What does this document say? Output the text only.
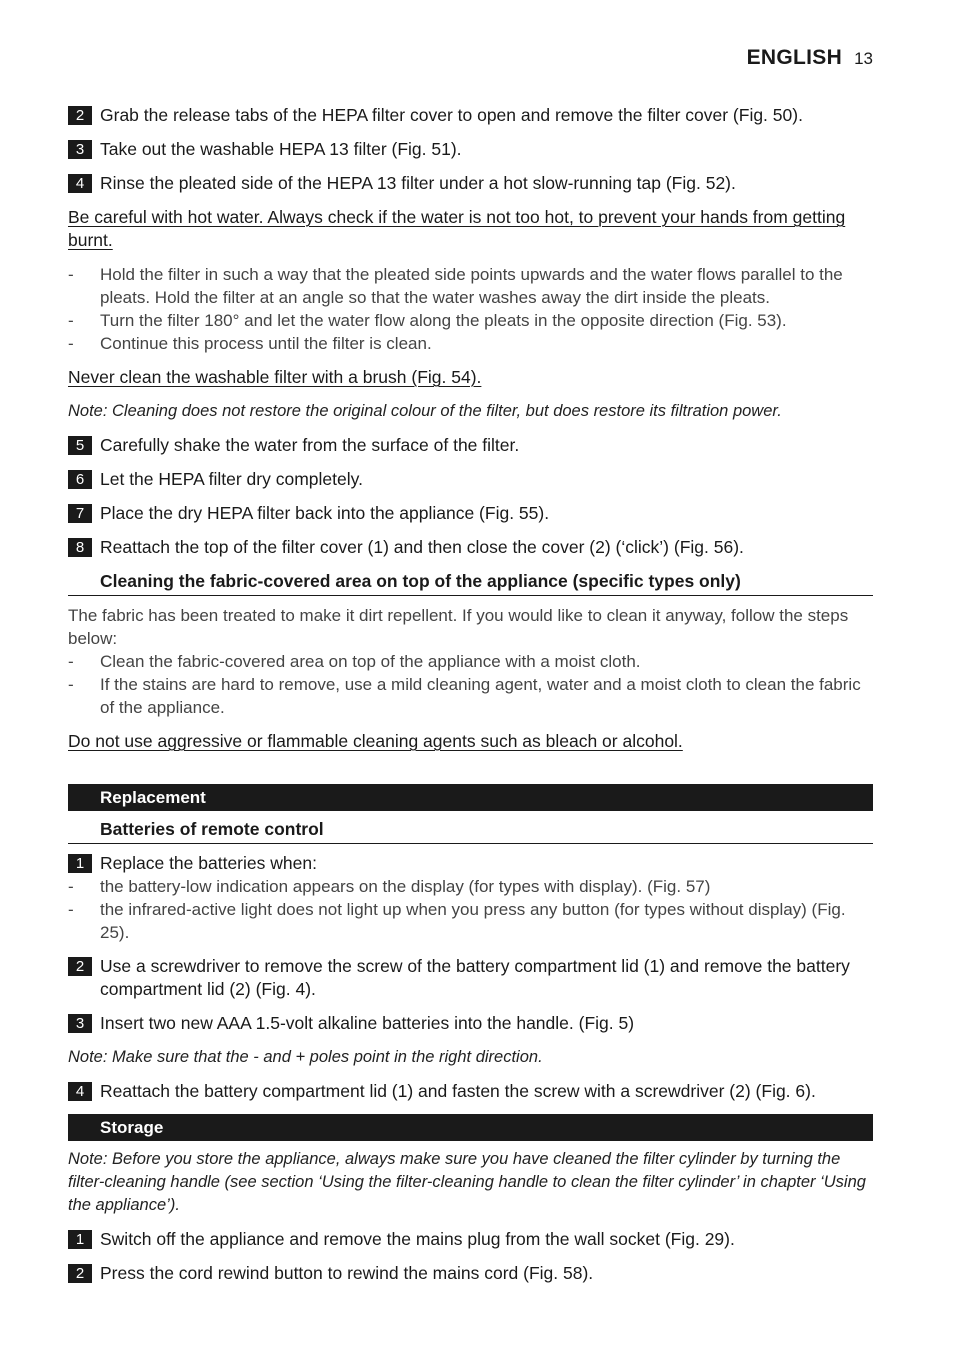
ENGLISH 13
2 Grab the release tabs of the HEPA filter cover to open and remove the filter cover (Fig. 50).
3 Take out the washable HEPA 13 filter (Fig. 51).
4 Rinse the pleated side of the HEPA 13 filter under a hot slow-running tap (Fig. 52).
Be careful with hot water. Always check if the water is not too hot, to prevent your hands from getting burnt.
-	Hold the filter in such a way that the pleated side points upwards and the water flows parallel to the pleats. Hold the filter at an angle so that the water washes away the dirt inside the pleats.
-	Turn the filter 180° and let the water flow along the pleats in the opposite direction (Fig. 53).
-	Continue this process until the filter is clean.
Never clean the washable filter with a brush (Fig. 54).
Note: Cleaning does not restore the original colour of the filter, but does restore its filtration power.
5 Carefully shake the water from the surface of the filter.
6 Let the HEPA filter dry completely.
7 Place the dry HEPA filter back into the appliance (Fig. 55).
8 Reattach the top of the filter cover (1) and then close the cover (2) (‘click’) (Fig. 56).
Cleaning the fabric-covered area on top of the appliance (specific types only)
The fabric has been treated to make it dirt repellent. If you would like to clean it anyway, follow the steps below:
-	Clean the fabric-covered area on top of the appliance with a moist cloth.
-	If the stains are hard to remove, use a mild cleaning agent, water and a moist cloth to clean the fabric of the appliance.
Do not use aggressive or flammable cleaning agents such as bleach or alcohol.
Replacement
Batteries of remote control
1 Replace the batteries when:
-	the battery-low indication appears on the display (for types with display). (Fig. 57)
-	the infrared-active light does not light up when you press any button (for types without display) (Fig. 25).
2 Use a screwdriver to remove the screw of the battery compartment lid (1) and remove the battery compartment lid (2) (Fig. 4).
3 Insert two new AAA 1.5-volt alkaline batteries into the handle. (Fig. 5)
Note: Make sure that the - and + poles point in the right direction.
4 Reattach the battery compartment lid (1) and fasten the screw with a screwdriver (2) (Fig. 6).
Storage
Note: Before you store the appliance, always make sure you have cleaned the filter cylinder by turning the filter-cleaning handle (see section ‘Using the filter-cleaning handle to clean the filter cylinder’ in chapter ‘Using the appliance’).
1 Switch off the appliance and remove the mains plug from the wall socket (Fig. 29).
2 Press the cord rewind button to rewind the mains cord (Fig. 58).
